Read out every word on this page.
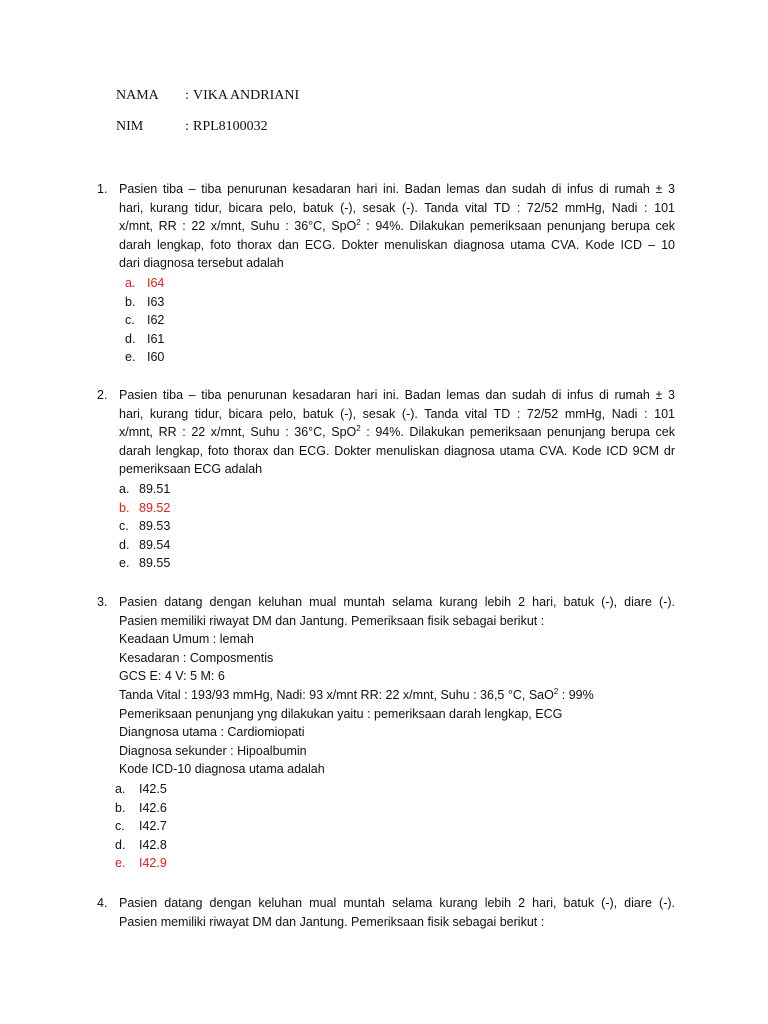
NAMA : VIKA ANDRIANI
NIM	: RPL8100032
1. Pasien tiba – tiba penurunan kesadaran hari ini. Badan lemas dan sudah di infus di rumah ± 3
hari, kurang tidur, bicara pelo, batuk (-), sesak (-). Tanda vital TD : 72/52 mmHg, Nadi : 101
x/mnt, RR : 22 x/mnt, Suhu : 36°C, SpO$^2$ : 94%. Dilakukan pemeriksaan penunjang berupa cek
darah lengkap, foto thorax dan ECG. Dokter menuliskan diagnosa utama CVA. Kode ICD – 10
dari diagnosa tersebut adalah
a. I64
b. I63
c. I62
d. I61
e. I60
2. Pasien tiba – tiba penurunan kesadaran hari ini. Badan lemas dan sudah di infus di rumah ± 3
hari, kurang tidur, bicara pelo, batuk (-), sesak (-). Tanda vital TD : 72/52 mmHg, Nadi : 101
x/mnt, RR : 22 x/mnt, Suhu : 36°C, SpO$^2$ : 94%. Dilakukan pemeriksaan penunjang berupa cek
darah lengkap, foto thorax dan ECG. Dokter menuliskan diagnosa utama CVA. Kode ICD 9CM dr
pemeriksaan ECG adalah
a. 89.51
b. 89.52
c. 89.53
d. 89.54
e. 89.55
3. Pasien datang dengan keluhan mual muntah selama kurang lebih 2 hari, batuk (-), diare (-).
Pasien memiliki riwayat DM dan Jantung. Pemeriksaan fisik sebagai berikut :
Keadaan Umum : lemah
Kesadaran : Composmentis
GCS E: 4 V: 5 M: 6
Tanda Vital : 193/93 mmHg, Nadi: 93 x/mnt RR: 22 x/mnt, Suhu : 36,5 °C, SaO$^2$ : 99%
Pemeriksaan penunjang yng dilakukan yaitu : pemeriksaan darah lengkap, ECG
Diangnosa utama : Cardiomiopati
Diagnosa sekunder : Hipoalbumin
Kode ICD-10 diagnosa utama adalah
a. I42.5
b. I42.6
c. I42.7
d. I42.8
e. I42.9
4. Pasien datang dengan keluhan mual muntah selama kurang lebih 2 hari, batuk (-), diare (-).
Pasien memiliki riwayat DM dan Jantung. Pemeriksaan fisik sebagai berikut :
